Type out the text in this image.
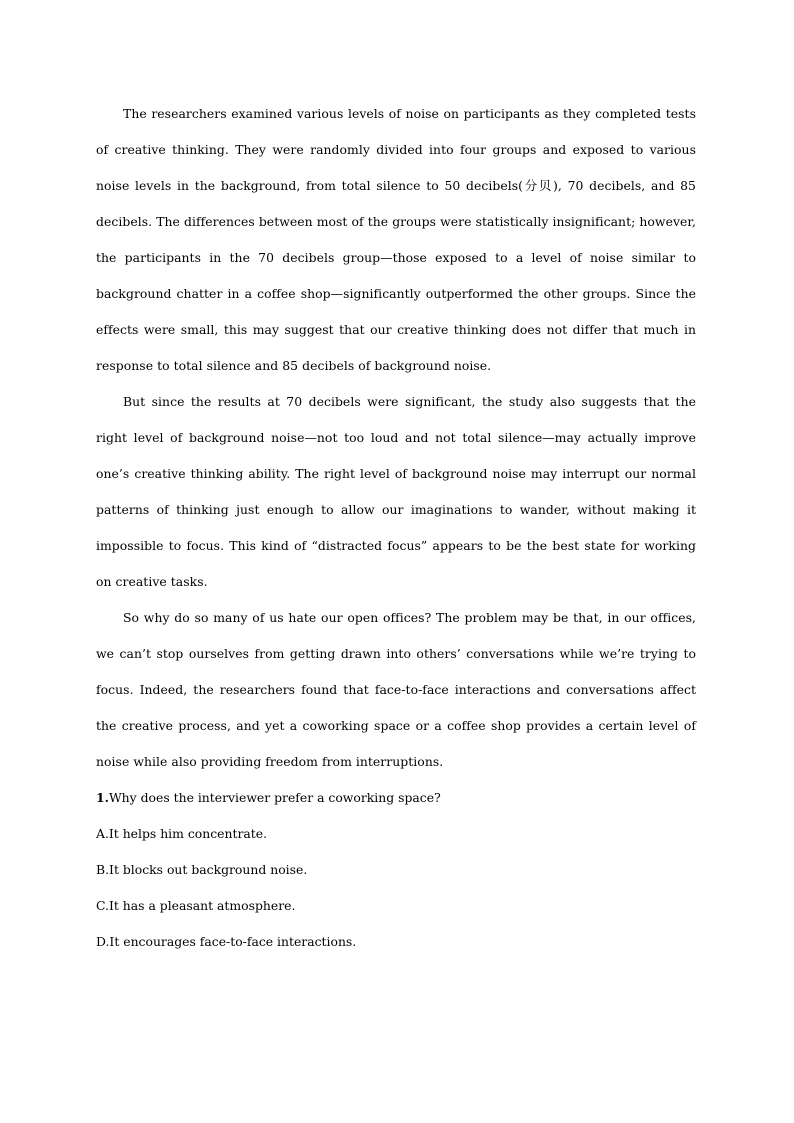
The researchers examined various levels of noise on participants as they completed tests of creative thinking. They were randomly divided into four groups and exposed to various noise levels in the background, from total silence to 50 decibels(分贝), 70 decibels, and 85 decibels. The differences between most of the groups were statistically insignificant; however, the participants in the 70 decibels group—those exposed to a level of noise similar to background chatter in a coffee shop—significantly outperformed the other groups. Since the effects were small, this may suggest that our creative thinking does not differ that much in response to total silence and 85 decibels of background noise.

But since the results at 70 decibels were significant, the study also suggests that the right level of background noise—not too loud and not total silence—may actually improve one’s creative thinking ability. The right level of background noise may interrupt our normal patterns of thinking just enough to allow our imaginations to wander, without making it impossible to focus. This kind of “distracted focus” appears to be the best state for working on creative tasks.

So why do so many of us hate our open offices? The problem may be that, in our offices, we can’t stop ourselves from getting drawn into others’ conversations while we’re trying to focus. Indeed, the researchers found that face-to-face interactions and conversations affect the creative process, and yet a coworking space or a coffee shop provides a certain level of noise while also providing freedom from interruptions.

1.Why does the interviewer prefer a coworking space?

A.It helps him concentrate.

B.It blocks out background noise.

C.It has a pleasant atmosphere.

D.It encourages face-to-face interactions.
